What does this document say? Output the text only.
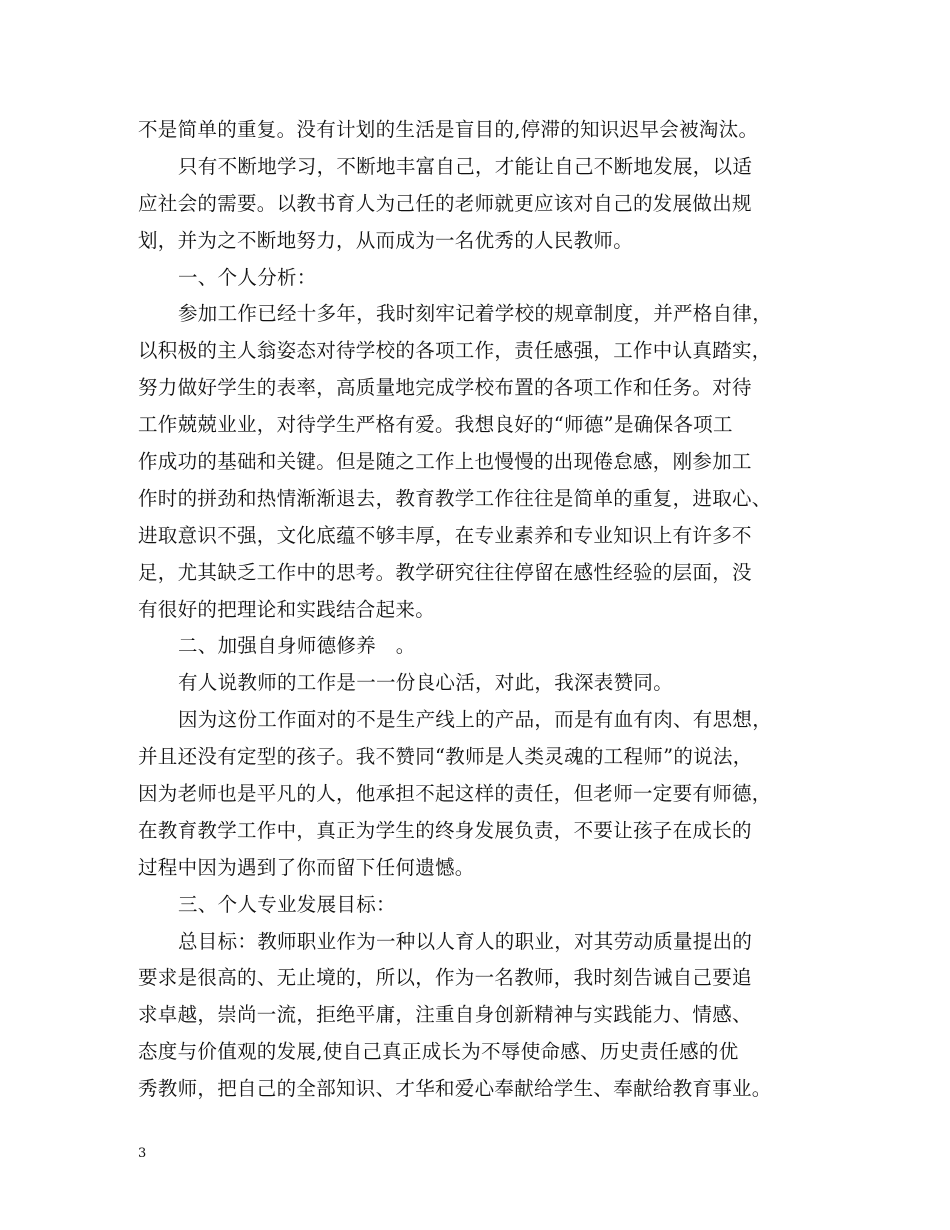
不是简单的重复。没有计划的生活是盲目的,停滞的知识迟早会被淘汰。
只有不断地学习，不断地丰富自己，才能让自己不断地发展，以适
应社会的需要。以教书育人为己任的老师就更应该对自己的发展做出规
划，并为之不断地努力，从而成为一名优秀的人民教师。
一、个人分析：
参加工作已经十多年，我时刻牢记着学校的规章制度，并严格自律，
以积极的主人翁姿态对待学校的各项工作，责任感强，工作中认真踏实，
努力做好学生的表率，高质量地完成学校布置的各项工作和任务。对待
工作兢兢业业，对待学生严格有爱。我想良好的“师德”是确保各项工
作成功的基础和关键。但是随之工作上也慢慢的出现倦怠感，刚参加工
作时的拼劲和热情渐渐退去，教育教学工作往往是简单的重复，进取心、
进取意识不强，文化底蕴不够丰厚，在专业素养和专业知识上有许多不
足，尤其缺乏工作中的思考。教学研究往往停留在感性经验的层面，没
有很好的把理论和实践结合起来。
二、加强自身师德修养　。
有人说教师的工作是一一份良心活，对此，我深表赞同。
因为这份工作面对的不是生产线上的产品，而是有血有肉、有思想，
并且还没有定型的孩子。我不赞同“教师是人类灵魂的工程师”的说法，
因为老师也是平凡的人，他承担不起这样的责任，但老师一定要有师德，
在教育教学工作中，真正为学生的终身发展负责，不要让孩子在成长的
过程中因为遇到了你而留下任何遗憾。
三、个人专业发展目标：
总目标：教师职业作为一种以人育人的职业，对其劳动质量提出的
要求是很高的、无止境的，所以，作为一名教师，我时刻告诫自己要追
求卓越，崇尚一流，拒绝平庸，注重自身创新精神与实践能力、情感、
态度与价值观的发展,使自己真正成长为不辱使命感、历史责任感的优
秀教师，把自己的全部知识、才华和爱心奉献给学生、奉献给教育事业。
3
